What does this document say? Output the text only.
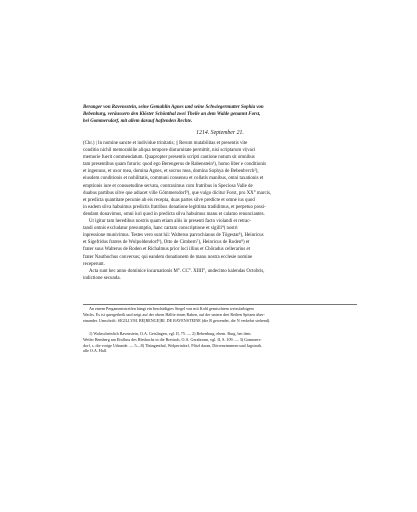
Beranger von Ravensstein, seine Gemahlin Agnes und seine Schwiegermutter Sophia von
Bebenburg, veräussern den Klöster Schönthal zwei Theile an dem Walde genannt Forst,
bei Gommersdorf, mit allem darauf haftenden Rechte.
1214. September 21.
(Chr.) | In nomine sancte et individue trinitatis; || Rerum mutabilitas et presentis vite
conditio nichil memorabilie aliqua tempore diuturnitate permittit, nisi scriptarum vi|vaci
memorie fuerit commendatum. Quapropter presentis scripti cautione notum sit omnibus
tam presentibus quam futuris: quod ego Berengerus de Rabenstein¹), homo liber e conditionis
et ingenuus, et uxor mea, domina Agnes, et socrus mea, domina Sophya de Bebenbvrch²),
eiusdem conditionis et nobilitatis, communi consensu et collatis manibus, omni taxationis et
emptionis iure et consuetudine servata, contraximus cum fratribus in Speciosa Valle de
duabus partibus silve que adiacet ville Gömmersdorf³), que vulgo dicitur Forst, pro XX° marcis,
et predicta quantitate pecunie ab eis recepta, duas partes silve predicte et omne ius quod
in eadem silva habuimus predictis fratribus donatione legittima tradidimus, et perpetuo possi-
dendam donavimus, omni iuri quod in predicta silva habuimus manu et calamo renunciantes.
Ut igitur tam heredibus nostris quam etiam aliis in presenti facto violandi et retrac-
tandi omnis excludatur presumptio, hanc cartam conscriptione et sigilli⁴) nostri
inpressione munivimus. Testes vero sunt hii: Walterus parrochianus de Tôgestat⁵), Heinricus
et Sigefridus fratres de Wolpoldendorf⁶), Otto de Cimbern⁷), Heinricus de Roden⁸) et
frater suus Walterus de Roden et Richalmus prior loci illius et Chôradus cellerarius et
frater Nauthochus conversus; qui eandem donationem de manu nostra ecclesie nomine
receperunt.
Acta sunt hec anno dominice incarnationis M°. CC°. XIIII°, undecimo kalendas Octobris,
indictione secunda.
An einem Pergamentstreifen hängt ein beschädigtes Siegel von mit Kohl gemischtem weissfarbigem
Wachs. Es ist quergetheilt und zeigt auf der obern Hälfte einen Raben, auf der untern drei Reihen Spitzen über-
einander. Umschrift: SIGILLVM. BE[RENGE]RI. DE RAVENSTEINE (die R gewendet, die N verkehrt stehend).
1) Wahrscheinlich Ravenstein, O.A. Geislingen, vgl. II, 75. — 2) Bebenburg, ehem. Burg, bei dem
Weiler Bemberg am Einfluss des Blesbachs in die Brettach, O.A. Gerabronn, vgl. II, S. 109. — 3) Gommers-
dorf, s. die vorige Urkunde. — 5—8) Thüngenthal, Wolpertsdorf, Pfitzl daran, Dörrenzimmern und Jagstroth.
alle O.A. Hall.
